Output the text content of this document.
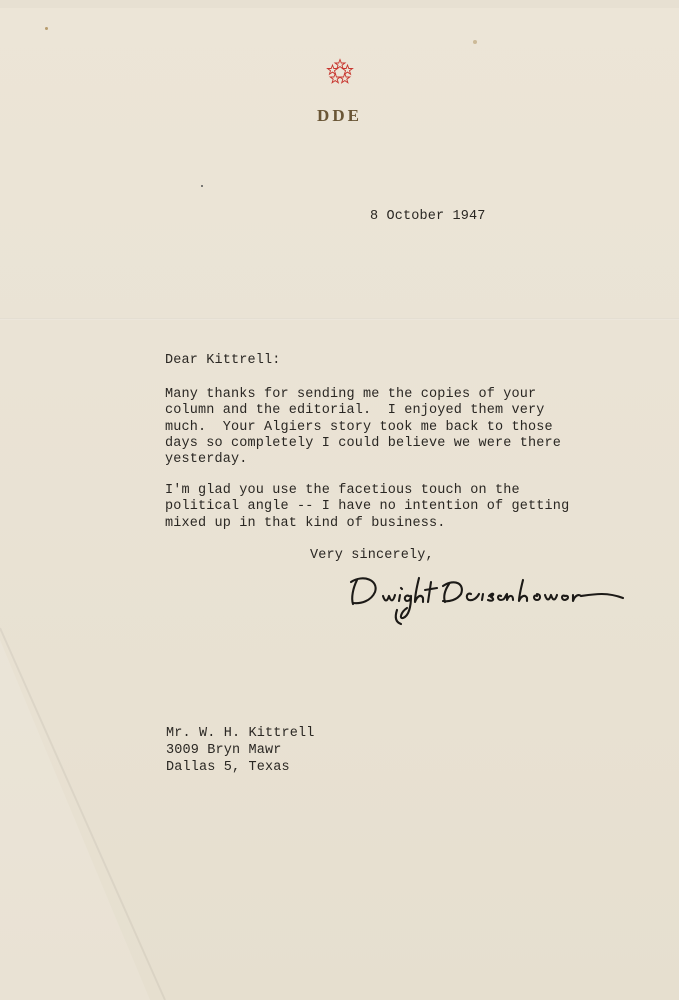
DDE
8 October 1947
Dear Kittrell:
Many thanks for sending me the copies of your
column and the editorial.  I enjoyed them very
much.  Your Algiers story took me back to those
days so completely I could believe we were there
yesterday.
I'm glad you use the facetious touch on the
political angle -- I have no intention of getting
mixed up in that kind of business.
Very sincerely,
Mr. W. H. Kittrell
3009 Bryn Mawr
Dallas 5, Texas
